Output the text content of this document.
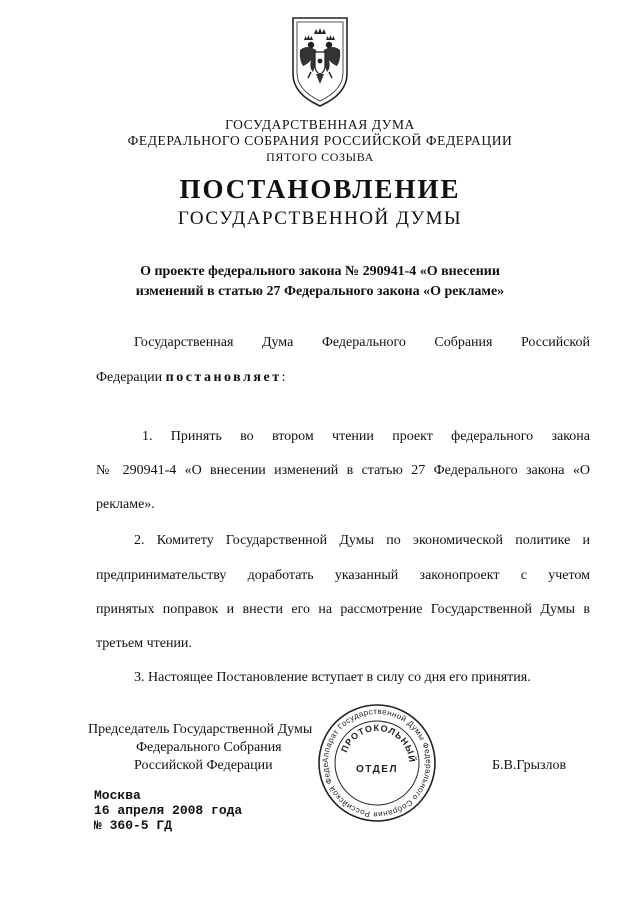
ГОСУДАРСТВЕННАЯ ДУМА
ФЕДЕРАЛЬНОГО СОБРАНИЯ РОССИЙСКОЙ ФЕДЕРАЦИИ
ПЯТОГО СОЗЫВА
ПОСТАНОВЛЕНИЕ
ГОСУДАРСТВЕННОЙ ДУМЫ
О проекте федерального закона № 290941-4 «О внесении
изменений в статью 27 Федерального закона «О рекламе»
Государственная Дума Федерального Собрания Российской
Федерации постановляет:
1. Принять во втором чтении проект федерального закона
№ 290941-4 «О внесении изменений в статью 27 Федерального закона «О
рекламе».
2. Комитету Государственной Думы по экономической политике и
предпринимательству доработать указанный законопроект с учетом
принятых поправок и внести его на рассмотрение Государственной Думы в
третьем чтении.
3. Настоящее Постановление вступает в силу со дня его принятия.
Председатель Государственной Думы
Федерального Собрания
Российской Федерации	Б.В.Грызлов
Аппарат Государственной Думы Федерального Собрания Российской Феде
ПРОТОКОЛЬНЫЙ
ОТДЕЛ
Москва
16 апреля 2008 года
№ 360-5 ГД
